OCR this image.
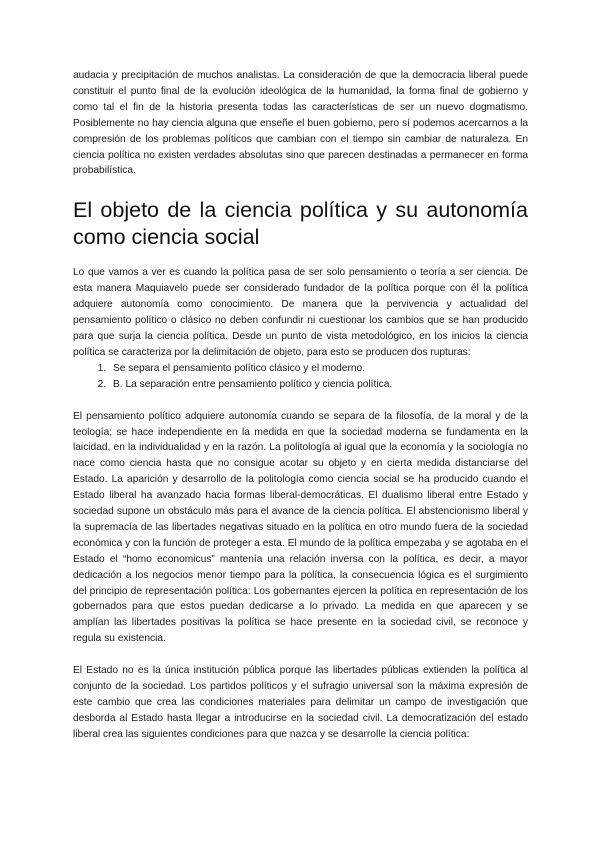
audacia y precipitación de muchos analistas. La consideración de que la democracia liberal puede constituir el punto final de la evolución ideológica de la humanidad, la forma final de gobierno y como tal el fin de la historia presenta todas las características de ser un nuevo dogmatismo. Posiblemente no hay ciencia alguna que enseñe el buen gobierno, pero sí podemos acercarnos a la compresión de los problemas políticos que cambian con el tiempo sin cambiar de naturaleza. En ciencia política no existen verdades absolutas sino que parecen destinadas a permanecer en forma probabilística.

El objeto de la ciencia política y su autonomía como ciencia social

Lo que vamos a ver es cuando la política pasa de ser solo pensamiento o teoría a ser ciencia. De esta manera Maquiavelo puede ser considerado fundador de la política porque con él la política adquiere autonomía como conocimiento. De manera que la pervivencia y actualidad del pensamiento político o clásico no deben confundir ni cuestionar los cambios que se han producido para que surja la ciencia política. Desde un punto de vista metodológico, en los inicios la ciencia política se caracteriza por la delimitación de objeto, para esto se producen dos rupturas:

1. Se separa el pensamiento político clásico y el moderno.
2. B. La separación entre pensamiento político y ciencia política.

El pensamiento político adquiere autonomía cuando se separa de la filosofía, de la moral y de la teología; se hace independiente en la medida en que la sociedad moderna se fundamenta en la laicidad, en la individualidad y en la razón. La politología al igual que la economía y la sociología no nace como ciencia hasta que no consigue acotar su objeto y en cierta medida distanciarse del Estado. La aparición y desarrollo de la politología como ciencia social se ha producido cuando el Estado liberal ha avanzado hacia formas liberal-democráticas. El dualismo liberal entre Estado y sociedad supone un obstáculo más para el avance de la ciencia política. El abstencionismo liberal y la supremacía de las libertades negativas situado en la política en otro mundo fuera de la sociedad económica y con la función de proteger a esta. El mundo de la política empezaba y se agotaba en el Estado el “homo economicus” mantenía una relación inversa con la política, es decir, a mayor dedicación a los negocios menor tiempo para la política, la consecuencia lógica es el surgimiento del principio de representación política: Los gobernantes ejercen la política en representación de los gobernados para que estos puedan dedicarse a lo privado. La medida en que aparecen y se amplían las libertades positivas la política se hace presente en la sociedad civil, se reconoce y regula su existencia.

El Estado no es la única institución pública porque las libertades públicas extienden la política al conjunto de la sociedad. Los partidos políticos y el sufragio universal son la máxima expresión de este cambio que crea las condiciones materiales para delimitar un campo de investigación que desborda al Estado hasta llegar a introducirse en la sociedad civil. La democratización del estado liberal crea las siguientes condiciones para que nazca y se desarrolle la ciencia política:
